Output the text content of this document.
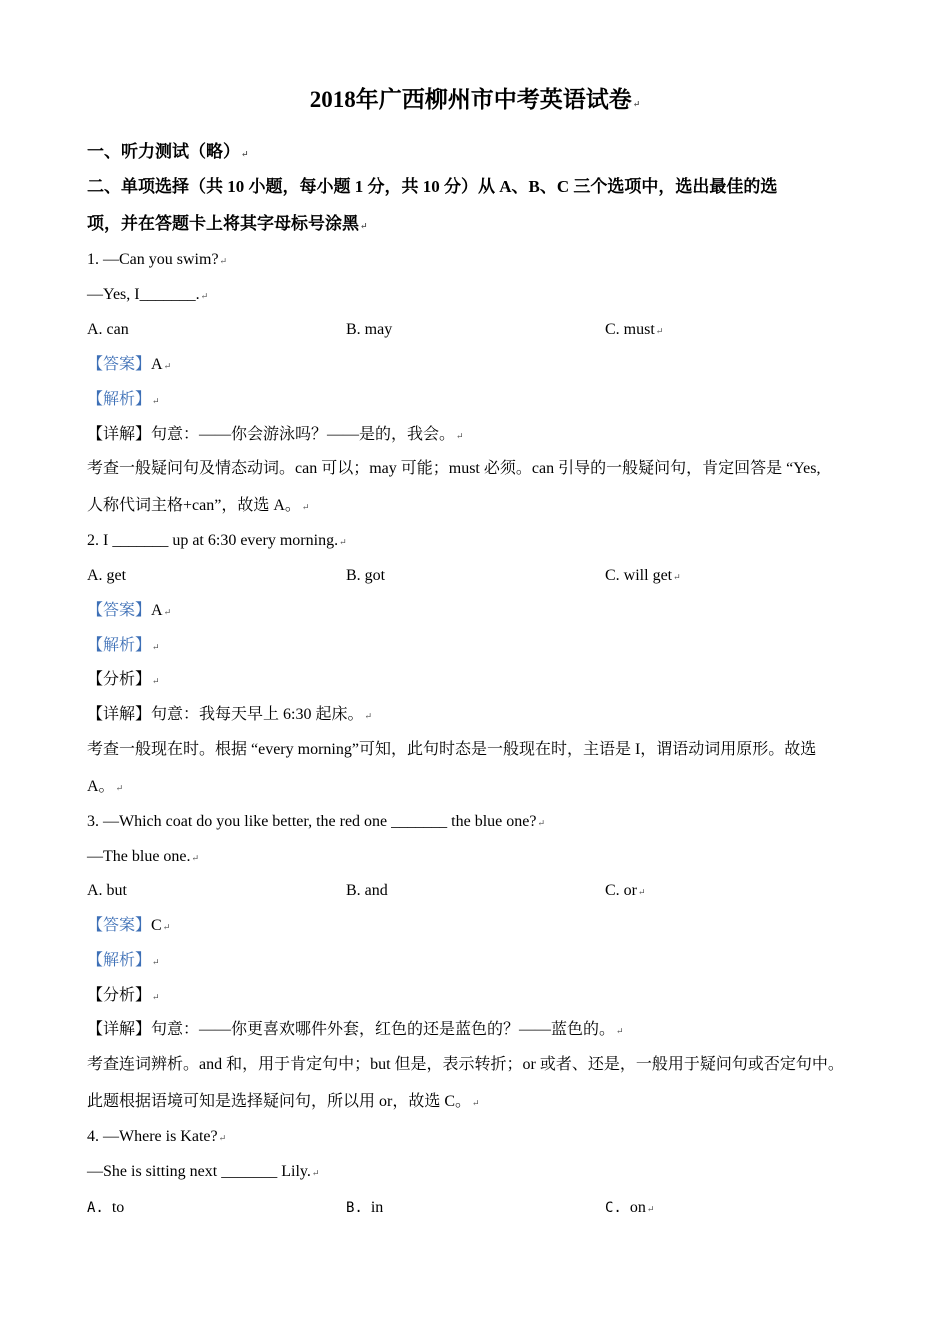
2018年广西柳州市中考英语试卷↵
一、听力测试（略）↵
二、单项选择（共 10 小题，每小题 1 分，共 10 分）从 A、B、C 三个选项中，选出最佳的选
项，并在答题卡上将其字母标号涂黑↵
1. —Can you swim?↵
—Yes, I_______.↵
A. can	B. may	C. must↵
【答案】A↵
【解析】↵
【详解】句意：——你会游泳吗？——是的，我会。↵
考查一般疑问句及情态动词。can 可以；may 可能；must 必须。can 引导的一般疑问句，肯定回答是 “Yes,
人称代词主格+can”，故选 A。↵
2. I _______ up at 6:30 every morning.↵
A. get	B. got	C. will get↵
【答案】A↵
【解析】↵
【分析】↵
【详解】句意：我每天早上 6:30 起床。↵
考查一般现在时。根据 “every morning”可知，此句时态是一般现在时，主语是 I，谓语动词用原形。故选
A。↵
3. —Which coat do you like better, the red one _______ the blue one?↵
—The blue one.↵
A. but	B. and	C. or↵
【答案】C↵
【解析】↵
【分析】↵
【详解】句意：——你更喜欢哪件外套，红色的还是蓝色的？——蓝色的。↵
考查连词辨析。and 和，用于肯定句中；but 但是，表示转折；or 或者、还是，一般用于疑问句或否定句中。
此题根据语境可知是选择疑问句，所以用 or，故选 C。↵
4. —Where is Kate?↵
—She is sitting next _______ Lily.↵
A. to	B. in	C. on↵
